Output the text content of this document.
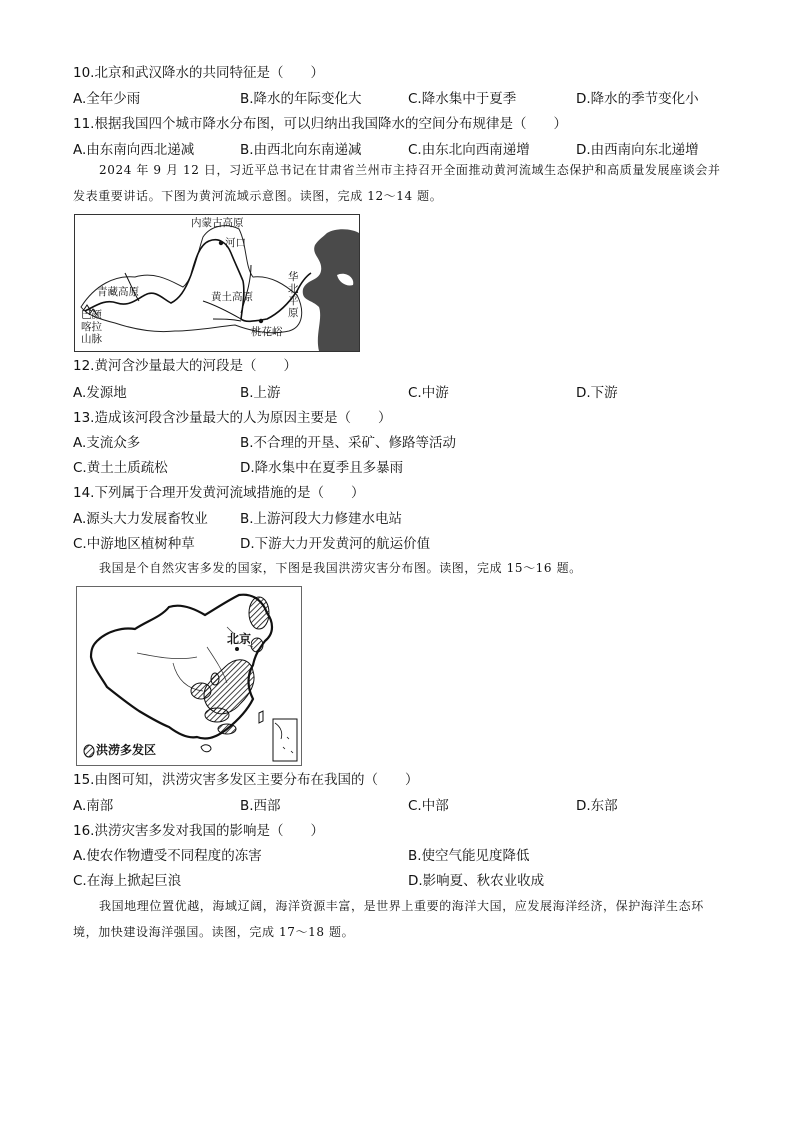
10.北京和武汉降水的共同特征是（　　）
A.全年少雨	B.降水的年际变化大	C.降水集中于夏季	D.降水的季节变化小
11.根据我国四个城市降水分布图，可以归纳出我国降水的空间分布规律是（　　）
A.由东南向西北递减	B.由西北向东南递减	C.由东北向西南递增	D.由西南向东北递增
2024 年 9 月 12 日，习近平总书记在甘肃省兰州市主持召开全面推动黄河流域生态保护和高质量发展座谈会并发表重要讲话。下图为黄河流域示意图。读图，完成 12～14 题。
内蒙古高原
河口
青藏高原	黄土高原
华北平原
巴颜喀拉山脉
桃花峪
12.黄河含沙量最大的河段是（　　）
A.发源地	B.上游	C.中游	D.下游
13.造成该河段含沙量最大的人为原因主要是（　　）
A.支流众多	B.不合理的开垦、采矿、修路等活动
C.黄土土质疏松	D.降水集中在夏季且多暴雨
14.下列属于合理开发黄河流域措施的是（　　）
A.源头大力发展畜牧业 B.上游河段大力修建水电站
C.中游地区植树种草	D.下游大力开发黄河的航运价值
我国是个自然灾害多发的国家，下图是我国洪涝灾害分布图。读图，完成 15～16 题。
北京
洪涝多发区
15.由图可知，洪涝灾害多发区主要分布在我国的（　　）
A.南部	B.西部	C.中部	D.东部
16.洪涝灾害多发对我国的影响是（　　）
A.使农作物遭受不同程度的冻害	B.使空气能见度降低
C.在海上掀起巨浪	D.影响夏、秋农业收成
我国地理位置优越，海域辽阔，海洋资源丰富，是世界上重要的海洋大国，应发展海洋经济，保护海洋生态环境，加快建设海洋强国。读图，完成 17～18 题。
